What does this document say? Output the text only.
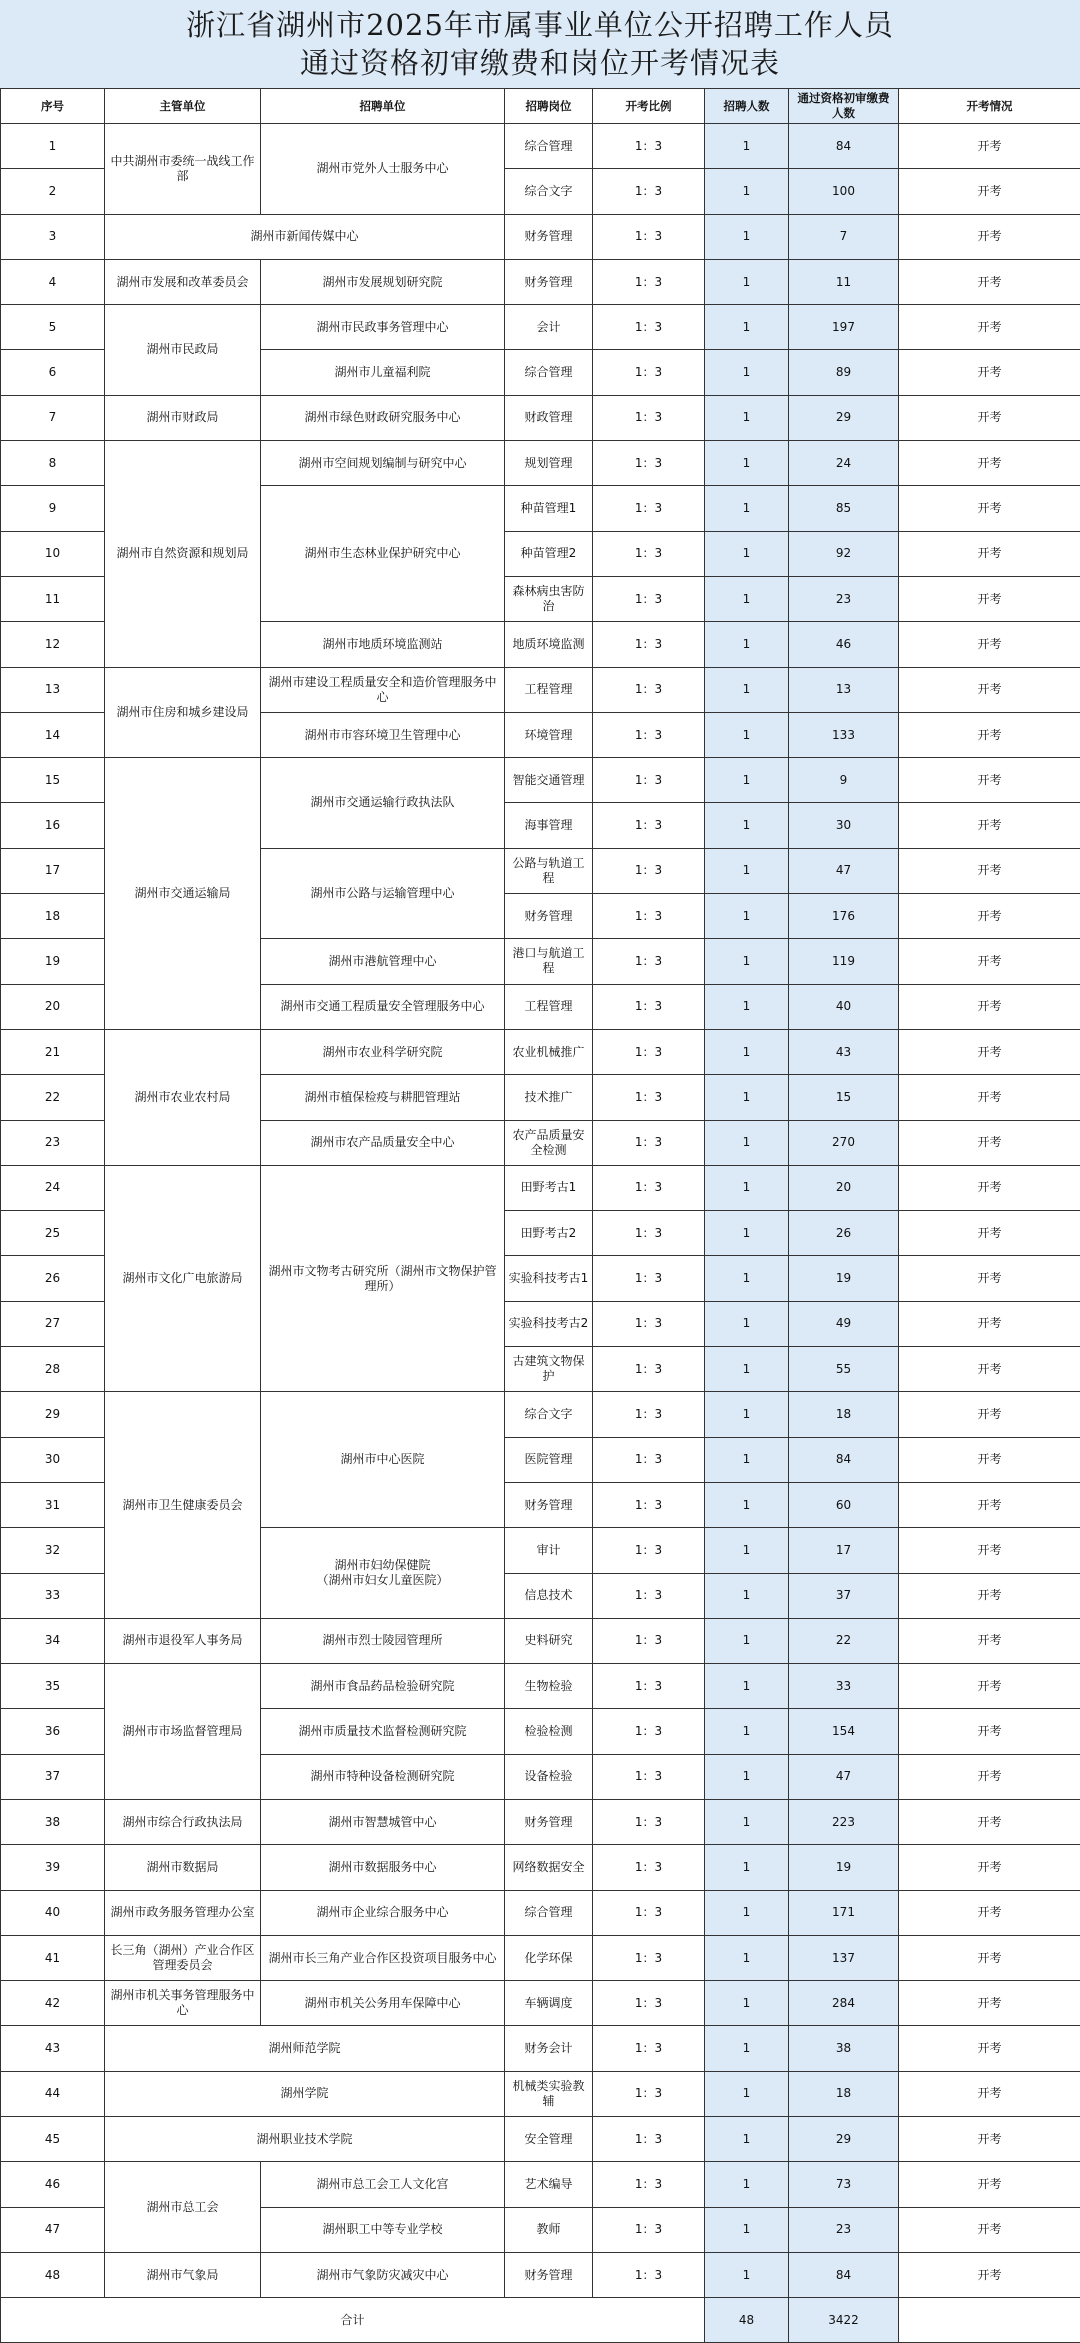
浙江省湖州市2025年市属事业单位公开招聘工作人员
通过资格初审缴费和岗位开考情况表
序号	主管单位	招聘单位	招聘岗位	开考比例	招聘人数	通过资格初审缴费人数	开考情况
1	中共湖州市委统一战线工作部	湖州市党外人士服务中心	综合管理	1：3	1	84	开考
2			综合文字	1：3	1	100	开考
3	湖州市新闻传媒中心		财务管理	1：3	1	7	开考
4	湖州市发展和改革委员会	湖州市发展规划研究院	财务管理	1：3	1	11	开考
5	湖州市民政局	湖州市民政事务管理中心	会计	1：3	1	197	开考
6		湖州市儿童福利院	综合管理	1：3	1	89	开考
7	湖州市财政局	湖州市绿色财政研究服务中心	财政管理	1：3	1	29	开考
8	湖州市自然资源和规划局	湖州市空间规划编制与研究中心	规划管理	1：3	1	24	开考
9		湖州市生态林业保护研究中心	种苗管理1	1：3	1	85	开考
10			种苗管理2	1：3	1	92	开考
11			森林病虫害防治	1：3	1	23	开考
12		湖州市地质环境监测站	地质环境监测	1：3	1	46	开考
13	湖州市住房和城乡建设局	湖州市建设工程质量安全和造价管理服务中心	工程管理	1：3	1	13	开考
14		湖州市市容环境卫生管理中心	环境管理	1：3	1	133	开考
15	湖州市交通运输局	湖州市交通运输行政执法队	智能交通管理	1：3	1	9	开考
16			海事管理	1：3	1	30	开考
17		湖州市公路与运输管理中心	公路与轨道工程	1：3	1	47	开考
18			财务管理	1：3	1	176	开考
19		湖州市港航管理中心	港口与航道工程	1：3	1	119	开考
20		湖州市交通工程质量安全管理服务中心	工程管理	1：3	1	40	开考
21	湖州市农业农村局	湖州市农业科学研究院	农业机械推广	1：3	1	43	开考
22		湖州市植保检疫与耕肥管理站	技术推广	1：3	1	15	开考
23		湖州市农产品质量安全中心	农产品质量安全检测	1：3	1	270	开考
24	湖州市文化广电旅游局	湖州市文物考古研究所（湖州市文物保护管理所）	田野考古1	1：3	1	20	开考
25			田野考古2	1：3	1	26	开考
26			实验科技考古1	1：3	1	19	开考
27			实验科技考古2	1：3	1	49	开考
28			古建筑文物保护	1：3	1	55	开考
29	湖州市卫生健康委员会	湖州市中心医院	综合文字	1：3	1	18	开考
30			医院管理	1：3	1	84	开考
31			财务管理	1：3	1	60	开考
32		湖州市妇幼保健院
（湖州市妇女儿童医院）	审计	1：3	1	17	开考
33			信息技术	1：3	1	37	开考
34	湖州市退役军人事务局	湖州市烈士陵园管理所	史料研究	1：3	1	22	开考
35	湖州市市场监督管理局	湖州市食品药品检验研究院	生物检验	1：3	1	33	开考
36		湖州市质量技术监督检测研究院	检验检测	1：3	1	154	开考
37		湖州市特种设备检测研究院	设备检验	1：3	1	47	开考
38	湖州市综合行政执法局	湖州市智慧城管中心	财务管理	1：3	1	223	开考
39	湖州市数据局	湖州市数据服务中心	网络数据安全	1：3	1	19	开考
40	湖州市政务服务管理办公室	湖州市企业综合服务中心	综合管理	1：3	1	171	开考
41	长三角（湖州）产业合作区管理委员会	湖州市长三角产业合作区投资项目服务中心	化学环保	1：3	1	137	开考
42	湖州市机关事务管理服务中心	湖州市机关公务用车保障中心	车辆调度	1：3	1	284	开考
43	湖州师范学院		财务会计	1：3	1	38	开考
44	湖州学院		机械类实验教辅	1：3	1	18	开考
45	湖州职业技术学院		安全管理	1：3	1	29	开考
46	湖州市总工会	湖州市总工会工人文化宫	艺术编导	1：3	1	73	开考
47		湖州职工中等专业学校	教师	1：3	1	23	开考
48	湖州市气象局	湖州市气象防灾减灾中心	财务管理	1：3	1	84	开考
合计					48	3422	
